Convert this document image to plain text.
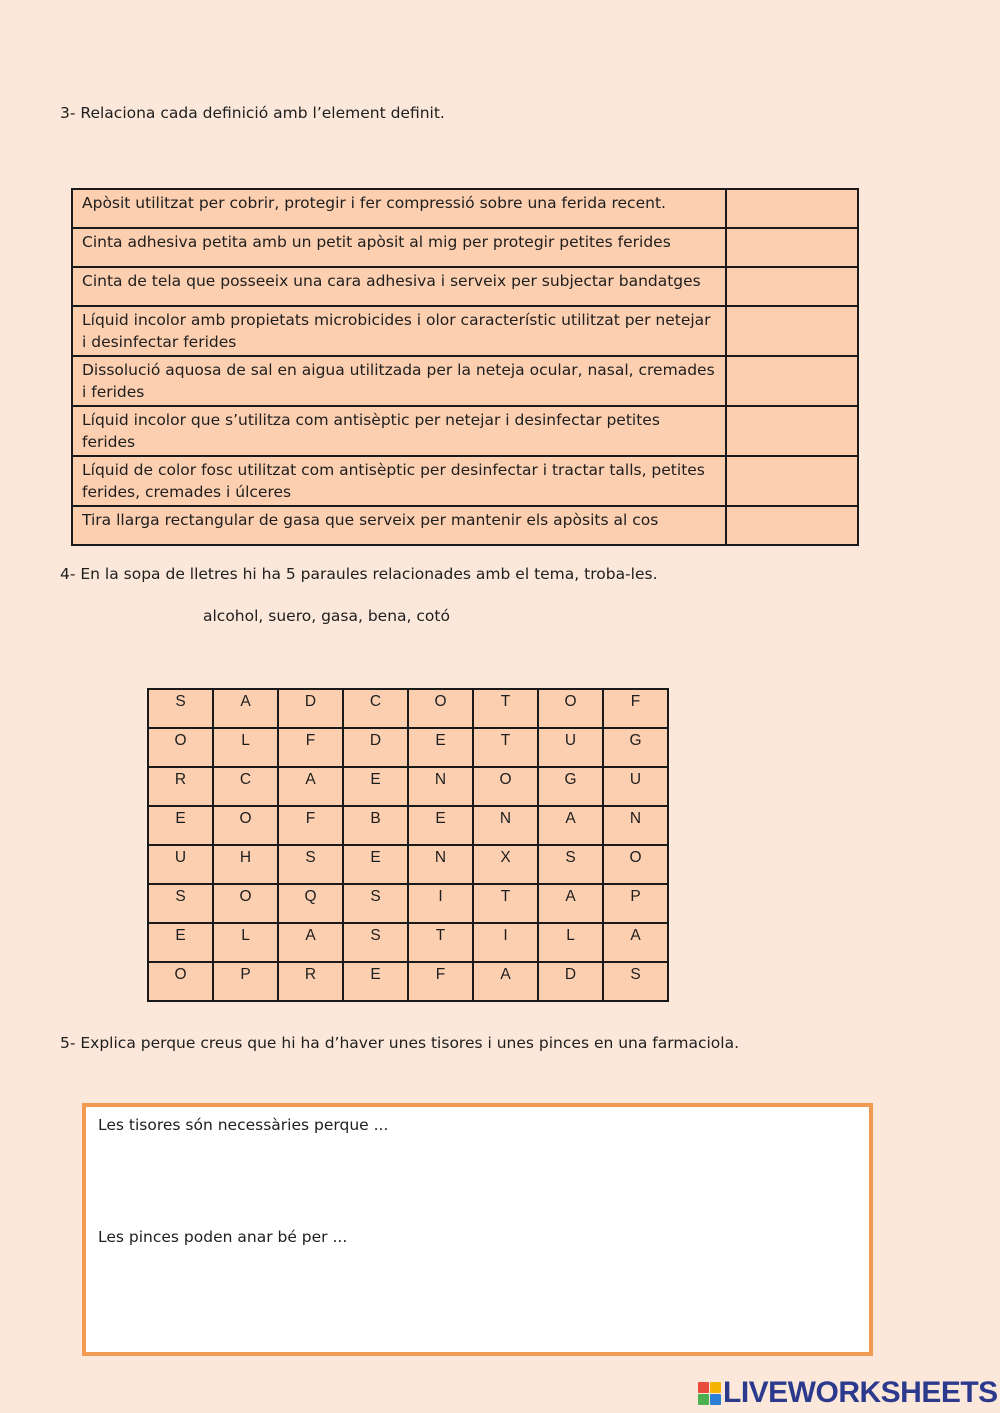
3- Relaciona cada definició amb l’element definit.
Apòsit utilitzat per cobrir, protegir i fer compressió sobre una ferida recent.	
Cinta adhesiva petita amb un petit apòsit al mig per protegir petites ferides	
Cinta de tela que posseeix una cara adhesiva i serveix per subjectar bandatges	
Líquid incolor amb propietats microbicides i olor característic utilitzat per netejar i desinfectar ferides	
Dissolució aquosa de sal en aigua utilitzada per la neteja ocular, nasal, cremades i ferides	
Líquid incolor que s’utilitza com antisèptic per netejar i desinfectar petites ferides	
Líquid de color fosc utilitzat com antisèptic per desinfectar i tractar talls, petites ferides, cremades i úlceres	
Tira llarga rectangular de gasa que serveix per mantenir els apòsits al cos	
4- En la sopa de lletres hi ha 5 paraules relacionades amb el tema, troba-les.
alcohol, suero, gasa, bena, cotó
S	A	D	C	O	T	O	F
O	L	F	D	E	T	U	G
R	C	A	E	N	O	G	U
E	O	F	B	E	N	A	N
U	H	S	E	N	X	S	O
S	O	Q	S	I	T	A	P
E	L	A	S	T	I	L	A
O	P	R	E	F	A	D	S
5- Explica perque creus que hi ha d’haver unes tisores i unes pinces en una farmaciola.
Les tisores són necessàries perque ...
Les pinces poden anar bé per ...
LIVEWORKSHEETS
